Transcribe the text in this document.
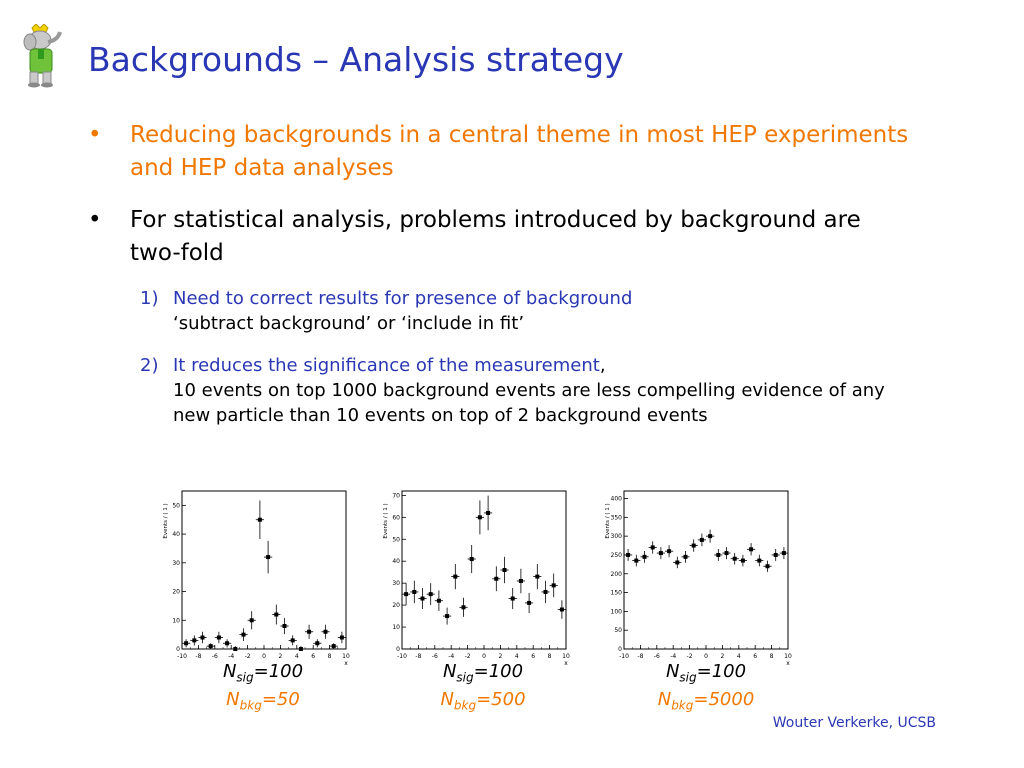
Backgrounds – Analysis strategy
• Reducing backgrounds in a central theme in most HEP experiments and HEP data analyses
• For statistical analysis, problems introduced by background are two-fold
1) Need to correct results for presence of background
‘subtract background’ or ‘include in fit’
2) It reduces the significance of the measurement,
10 events on top 1000 background events are less compelling evidence of any new particle than 10 events on top of 2 background events
-10 -8 -6 -4 -2 0 2 4 6 8 10
0
10
20
30
40
50
Events / ( 1 )
x
-10 -8 -6 -4 -2 0 2 4 6 8 10
0
10
20
30
40
50
60
70
Events / ( 1 )
x
-10 -8 -6 -4 -2 0 2 4 6 8 10
0
50
100
150
200
250
300
350
400
Events / ( 1 )
x
$N_{sig}=100$
$N_{bkg}=50$
$N_{sig}=100$
$N_{bkg}=500$
$N_{sig}=100$
$N_{bkg}=5000$
Wouter Verkerke, UCSB
